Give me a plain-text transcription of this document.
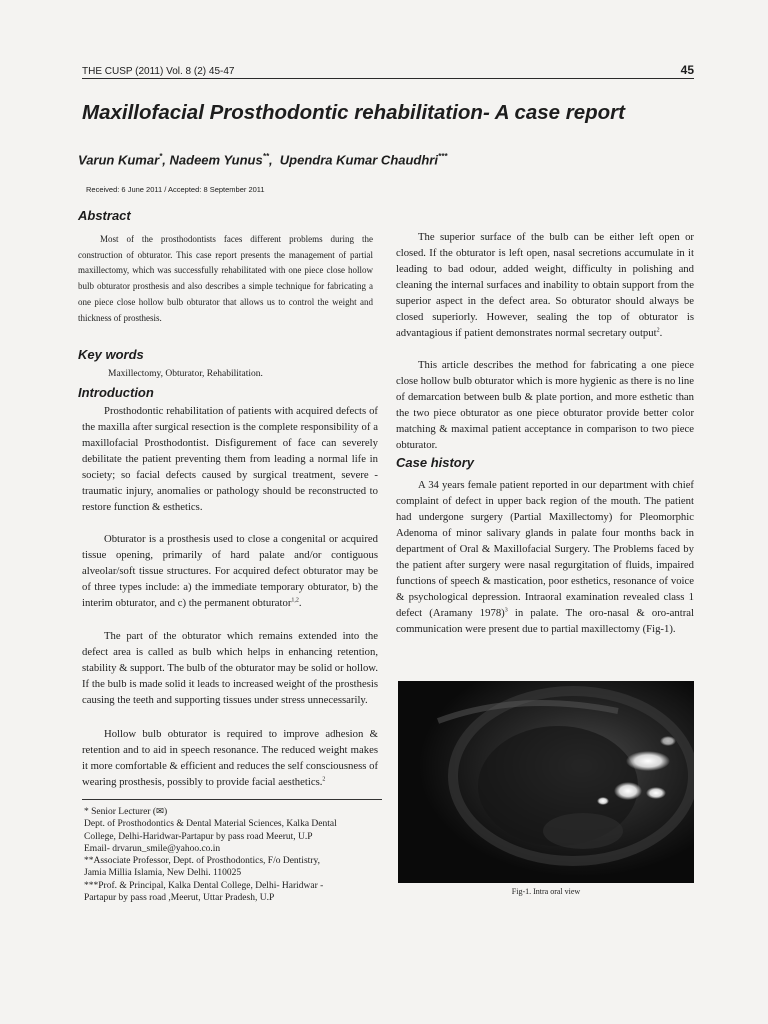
THE CUSP (2011) Vol. 8 (2) 45-47	45
Maxillofacial Prosthodontic rehabilitation- A case report
Varun Kumar*, Nadeem Yunus**,  Upendra Kumar Chaudhri***
Received: 6 June 2011 / Accepted: 8 September 2011
Abstract

Most of the prosthodontists faces different problems during the construction of obturator. This case report presents the management of partial maxillectomy, which was successfully rehabilitated with one piece close hollow bulb obturator prosthesis and also describes a simple technique for fabricating a one piece close hollow bulb obturator that allows us to control the weight and thickness of prosthesis.

Key words

Maxillectomy, Obturator, Rehabilitation.

Introduction

Prosthodontic rehabilitation of patients with acquired defects of the maxilla after surgical resection is the complete responsibility of a maxillofacial Prosthodontist. Disfigurement of face can severely debilitate the patient preventing them from leading a normal life in society; so facial defects caused by surgical treatment, severe -traumatic injury, anomalies or pathology should be reconstructed to restore function & esthetics.

Obturator is a prosthesis used to close a congenital or acquired tissue opening, primarily of hard palate and/or contiguous alveolar/soft tissue structures. For acquired defect obturator may be of three types include: a) the immediate temporary obturator, b) the interim obturator, and c) the permanent obturator$^{1,2}$.

The part of the obturator which remains extended into the defect area is called as bulb which helps in enhancing retention, stability & support. The bulb of the obturator may be solid or hollow. If the bulb is made solid it leads to increased weight of the prosthesis causing the teeth and supporting tissues under stress unnecessarily.

Hollow bulb obturator is required to improve adhesion & retention and to aid in speech resonance. The reduced weight makes it more comfortable & efficient and reduces the self consciousness of wearing prosthesis, possibly to provide facial aesthetics.$^2$

* Senior Lecturer (✉)
Dept. of Prosthodontics & Dental Material Sciences, Kalka Dental
College, Delhi-Haridwar-Partapur by pass road Meerut, U.P
Email- drvarun_smile@yahoo.co.in
**Associate Professor, Dept. of Prosthodontics, F/o Dentistry,
Jamia Millia Islamia, New Delhi. 110025
***Prof. & Principal, Kalka Dental College, Delhi- Haridwar -
Partapur by pass road ,Meerut, Uttar Pradesh, U.P

The superior surface of the bulb can be either left open or closed. If the obturator is left open, nasal secretions accumulate in it leading to bad odour, added weight, difficulty in polishing and cleaning the internal surfaces and inability to obtain support from the superior aspect in the defect area. So obturator should always be closed superiorly. However, sealing the top of obturator is advantagious if patient demonstrates normal secretary output$^2$.

This article describes the method for fabricating a one piece close hollow bulb obturator which is more hygienic as there is no line of demarcation between bulb & plate portion, and more esthetic than the two piece obturator as one piece obturator provide better color matching & maximal patient acceptance in comparison to two piece obturator.

Case history

A 34 years female patient reported in our department with chief complaint of defect in upper back region of the mouth. The patient had undergone surgery (Partial Maxillectomy) for Pleomorphic Adenoma of minor salivary glands in palate four months back in department of Oral & Maxillofacial Surgery. The Problems faced by the patient after surgery were nasal regurgitation of fluids, impaired functions of speech & mastication, poor esthetics, resonance of voice & psychological depression. Intraoral examination revealed class 1 defect (Aramany 1978)$^3$ in palate. The oro-nasal & oro-antral communication were present due to partial maxillectomy (Fig-1).

Fig-1. Intra oral view
